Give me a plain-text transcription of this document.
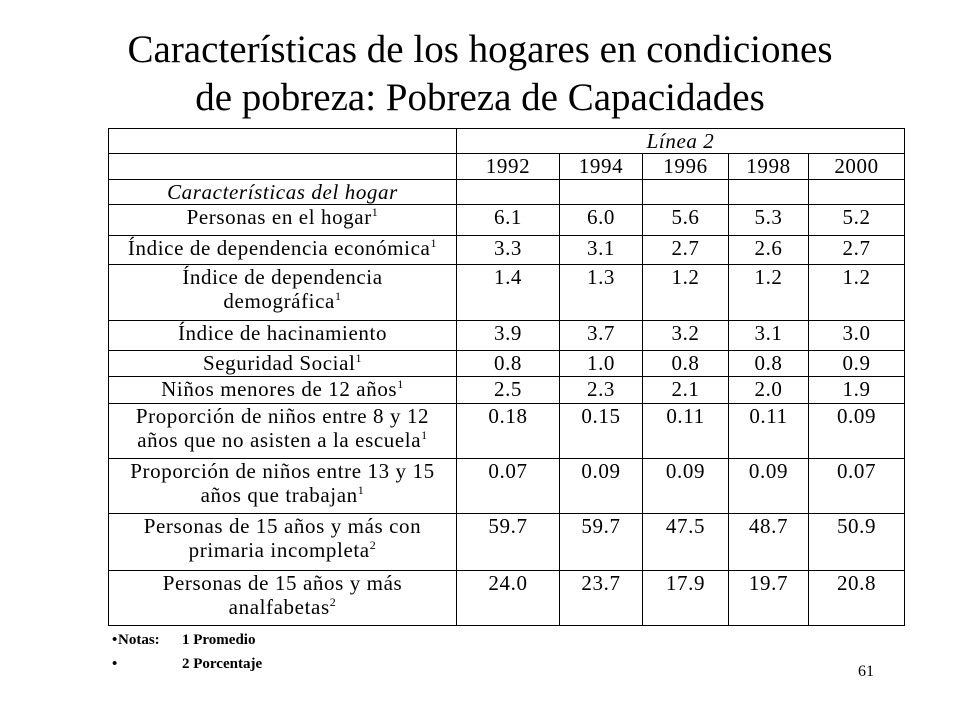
Características de los hogares en condiciones
de pobreza: Pobreza de Capacidades
	Línea 2				
	1992	1994	1996	1998	2000
Características del hogar					

Personas en el hogar$^1$	6.1	6.0	5.6	5.3	5.2

Índice de dependencia económica$^1$	3.3	3.1	2.7	2.6	2.7

Índice de dependencia
demográfica$^1$	1.4	1.3	1.2	1.2	1.2

Índice de hacinamiento	3.9	3.7	3.2	3.1	3.0

Seguridad Social$^1$	0.8	1.0	0.8	0.8	0.9

Niños menores de 12 años$^1$	2.5	2.3	2.1	2.0	1.9

Proporción de niños entre 8 y 12
años que no asisten a la escuela$^1$	0.18	0.15	0.11	0.11	0.09

Proporción de niños entre 13 y 15
años que trabajan$^1$	0.07	0.09	0.09	0.09	0.07

Personas de 15 años y más con
primaria incompleta$^2$	59.7	59.7	47.5	48.7	50.9

Personas de 15 años y más
analfabetas$^2$	24.0	23.7	17.9	19.7	20.8
• Notas:	1 Promedio
•	2 Porcentaje	61
